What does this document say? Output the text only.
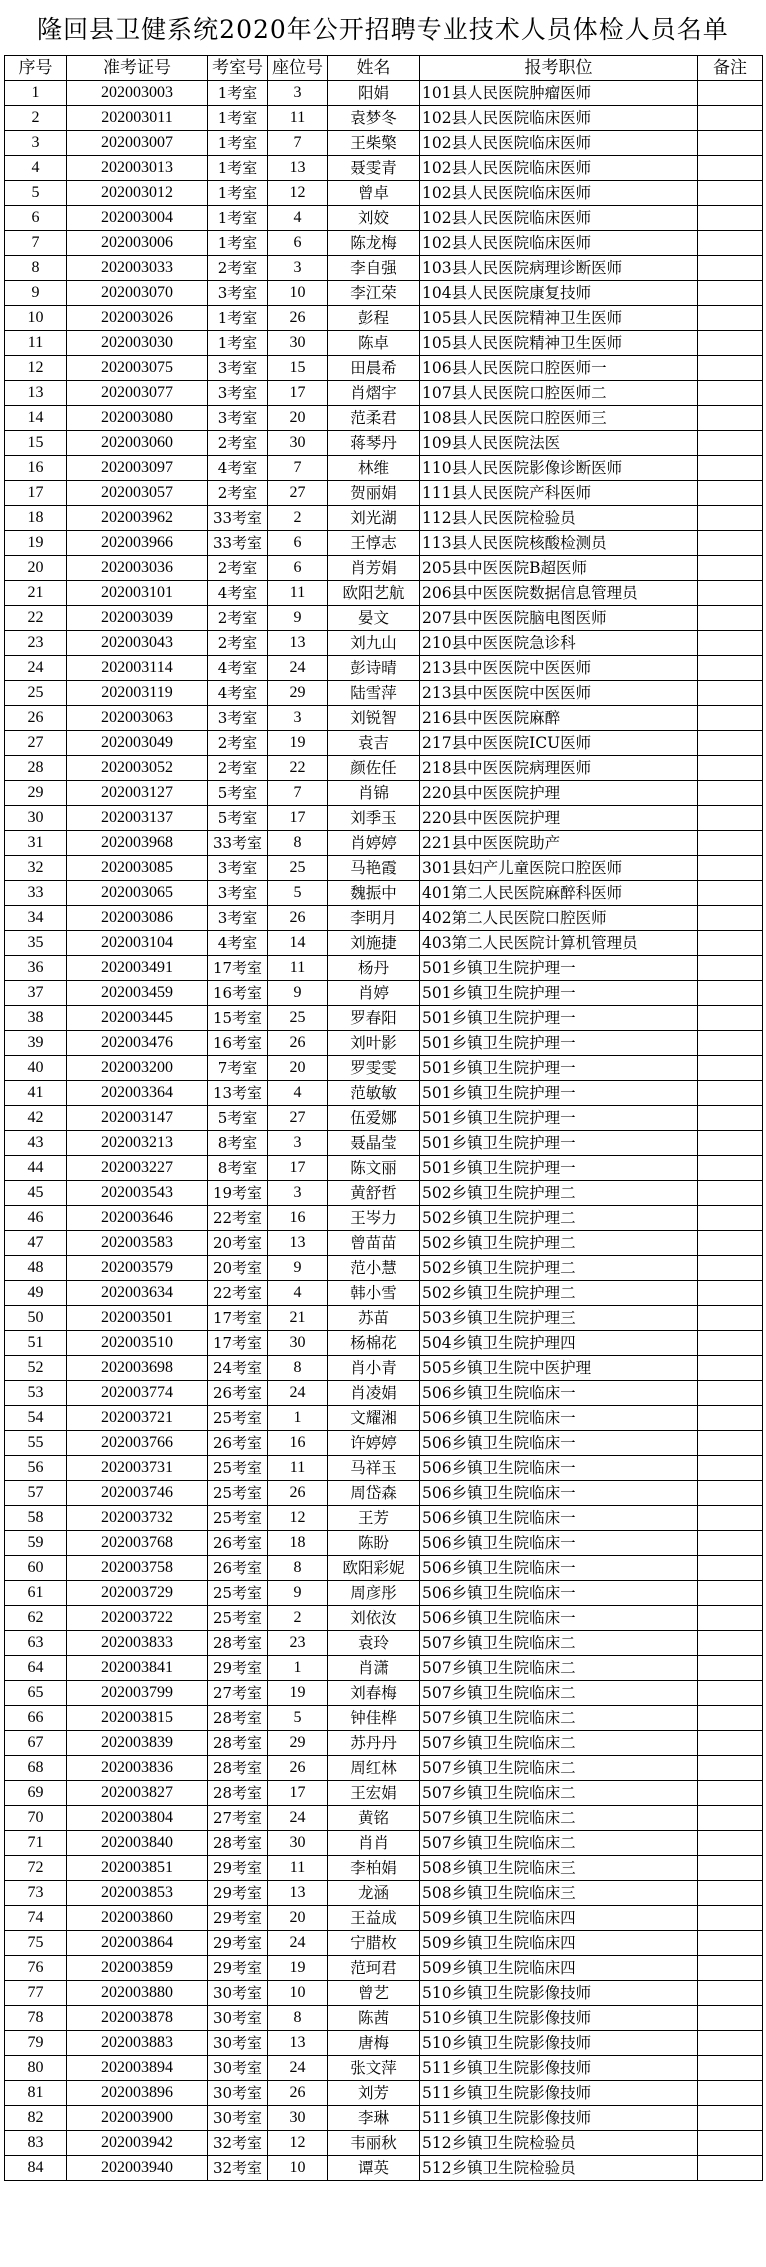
隆回县卫健系统2020年公开招聘专业技术人员体检人员名单
序号	准考证号	考室号	座位号	姓名	报考职位	备注
1	202003003	1考室	3	阳娟	101县人民医院肿瘤医师	
2	202003011	1考室	11	袁梦冬	102县人民医院临床医师	
3	202003007	1考室	7	王柴檠	102县人民医院临床医师	
4	202003013	1考室	13	聂雯青	102县人民医院临床医师	
5	202003012	1考室	12	曾卓	102县人民医院临床医师	
6	202003004	1考室	4	刘姣	102县人民医院临床医师	
7	202003006	1考室	6	陈龙梅	102县人民医院临床医师	
8	202003033	2考室	3	李自强	103县人民医院病理诊断医师	
9	202003070	3考室	10	李江荣	104县人民医院康复技师	
10	202003026	1考室	26	彭程	105县人民医院精神卫生医师	
11	202003030	1考室	30	陈卓	105县人民医院精神卫生医师	
12	202003075	3考室	15	田晨希	106县人民医院口腔医师一	
13	202003077	3考室	17	肖熠宇	107县人民医院口腔医师二	
14	202003080	3考室	20	范柔君	108县人民医院口腔医师三	
15	202003060	2考室	30	蒋琴丹	109县人民医院法医	
16	202003097	4考室	7	林维	110县人民医院影像诊断医师	
17	202003057	2考室	27	贺丽娟	111县人民医院产科医师	
18	202003962	33考室	2	刘光湖	112县人民医院检验员	
19	202003966	33考室	6	王惇志	113县人民医院核酸检测员	
20	202003036	2考室	6	肖芳娟	205县中医医院B超医师	
21	202003101	4考室	11	欧阳艺航	206县中医医院数据信息管理员	
22	202003039	2考室	9	晏文	207县中医医院脑电图医师	
23	202003043	2考室	13	刘九山	210县中医医院急诊科	
24	202003114	4考室	24	彭诗晴	213县中医医院中医医师	
25	202003119	4考室	29	陆雪萍	213县中医医院中医医师	
26	202003063	3考室	3	刘锐智	216县中医医院麻醉	
27	202003049	2考室	19	袁吉	217县中医医院ICU医师	
28	202003052	2考室	22	颜佐任	218县中医医院病理医师	
29	202003127	5考室	7	肖锦	220县中医医院护理	
30	202003137	5考室	17	刘季玉	220县中医医院护理	
31	202003968	33考室	8	肖婷婷	221县中医医院助产	
32	202003085	3考室	25	马艳霞	301县妇产儿童医院口腔医师	
33	202003065	3考室	5	魏振中	401第二人民医院麻醉科医师	
34	202003086	3考室	26	李明月	402第二人民医院口腔医师	
35	202003104	4考室	14	刘施捷	403第二人民医院计算机管理员	
36	202003491	17考室	11	杨丹	501乡镇卫生院护理一	
37	202003459	16考室	9	肖婷	501乡镇卫生院护理一	
38	202003445	15考室	25	罗春阳	501乡镇卫生院护理一	
39	202003476	16考室	26	刘叶影	501乡镇卫生院护理一	
40	202003200	7考室	20	罗雯雯	501乡镇卫生院护理一	
41	202003364	13考室	4	范敏敏	501乡镇卫生院护理一	
42	202003147	5考室	27	伍爱娜	501乡镇卫生院护理一	
43	202003213	8考室	3	聂晶莹	501乡镇卫生院护理一	
44	202003227	8考室	17	陈文丽	501乡镇卫生院护理一	
45	202003543	19考室	3	黄舒哲	502乡镇卫生院护理二	
46	202003646	22考室	16	王岑力	502乡镇卫生院护理二	
47	202003583	20考室	13	曾苗苗	502乡镇卫生院护理二	
48	202003579	20考室	9	范小慧	502乡镇卫生院护理二	
49	202003634	22考室	4	韩小雪	502乡镇卫生院护理二	
50	202003501	17考室	21	苏苗	503乡镇卫生院护理三	
51	202003510	17考室	30	杨棉花	504乡镇卫生院护理四	
52	202003698	24考室	8	肖小青	505乡镇卫生院中医护理	
53	202003774	26考室	24	肖凌娟	506乡镇卫生院临床一	
54	202003721	25考室	1	文耀湘	506乡镇卫生院临床一	
55	202003766	26考室	16	许婷婷	506乡镇卫生院临床一	
56	202003731	25考室	11	马祥玉	506乡镇卫生院临床一	
57	202003746	25考室	26	周岱森	506乡镇卫生院临床一	
58	202003732	25考室	12	王芳	506乡镇卫生院临床一	
59	202003768	26考室	18	陈盼	506乡镇卫生院临床一	
60	202003758	26考室	8	欧阳彩妮	506乡镇卫生院临床一	
61	202003729	25考室	9	周彦彤	506乡镇卫生院临床一	
62	202003722	25考室	2	刘依汝	506乡镇卫生院临床一	
63	202003833	28考室	23	袁玲	507乡镇卫生院临床二	
64	202003841	29考室	1	肖潇	507乡镇卫生院临床二	
65	202003799	27考室	19	刘春梅	507乡镇卫生院临床二	
66	202003815	28考室	5	钟佳桦	507乡镇卫生院临床二	
67	202003839	28考室	29	苏丹丹	507乡镇卫生院临床二	
68	202003836	28考室	26	周红林	507乡镇卫生院临床二	
69	202003827	28考室	17	王宏娟	507乡镇卫生院临床二	
70	202003804	27考室	24	黄铭	507乡镇卫生院临床二	
71	202003840	28考室	30	肖肖	507乡镇卫生院临床二	
72	202003851	29考室	11	李柏娟	508乡镇卫生院临床三	
73	202003853	29考室	13	龙涵	508乡镇卫生院临床三	
74	202003860	29考室	20	王益成	509乡镇卫生院临床四	
75	202003864	29考室	24	宁腊枚	509乡镇卫生院临床四	
76	202003859	29考室	19	范珂君	509乡镇卫生院临床四	
77	202003880	30考室	10	曾艺	510乡镇卫生院影像技师	
78	202003878	30考室	8	陈茜	510乡镇卫生院影像技师	
79	202003883	30考室	13	唐梅	510乡镇卫生院影像技师	
80	202003894	30考室	24	张文萍	511乡镇卫生院影像技师	
81	202003896	30考室	26	刘芳	511乡镇卫生院影像技师	
82	202003900	30考室	30	李琳	511乡镇卫生院影像技师	
83	202003942	32考室	12	韦丽秋	512乡镇卫生院检验员	
84	202003940	32考室	10	谭英	512乡镇卫生院检验员	
